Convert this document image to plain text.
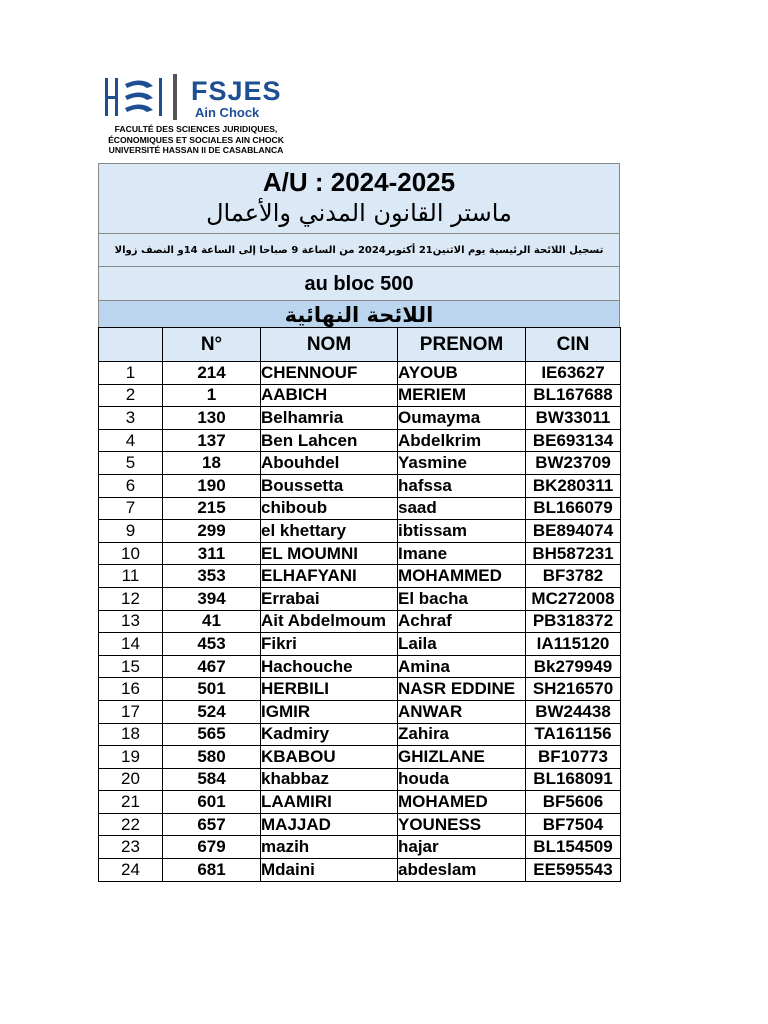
FSJES
Ain Chock
FACULTÉ DES SCIENCES JURIDIQUES,
ÉCONOMIQUES ET SOCIALES AIN CHOCK
UNIVERSITÉ HASSAN II DE CASABLANCA
A/U : 2024-2025
ماستر القانون المدني والأعمال
تسجيل اللائحة الرئيسية يوم الاثنين21 أكتوبر2024 من الساعة 9 صباحا إلى الساعة 14و النصف زوالا
au bloc 500
اللائحة النهائية
	N°	NOM	PRENOM	CIN
1	214	CHENNOUF	AYOUB	IE63627
2	1	AABICH	MERIEM	BL167688
3	130	Belhamria	Oumayma	BW33011
4	137	Ben Lahcen	Abdelkrim	BE693134
5	18	Abouhdel	Yasmine	BW23709
6	190	Boussetta	hafssa	BK280311
7	215	chiboub	saad	BL166079
9	299	el khettary	ibtissam	BE894074
10	311	EL MOUMNI	Imane	BH587231
11	353	ELHAFYANI	MOHAMMED	BF3782
12	394	Errabai	El bacha	MC272008
13	41	Ait Abdelmoum	Achraf	PB318372
14	453	Fikri	Laila	IA115120
15	467	Hachouche	Amina	Bk279949
16	501	HERBILI	NASR EDDINE	SH216570
17	524	IGMIR	ANWAR	BW24438
18	565	Kadmiry	Zahira	TA161156
19	580	KBABOU	GHIZLANE	BF10773
20	584	khabbaz	houda	BL168091
21	601	LAAMIRI	MOHAMED	BF5606
22	657	MAJJAD	YOUNESS	BF7504
23	679	mazih	hajar	BL154509
24	681	Mdaini	abdeslam	EE595543
